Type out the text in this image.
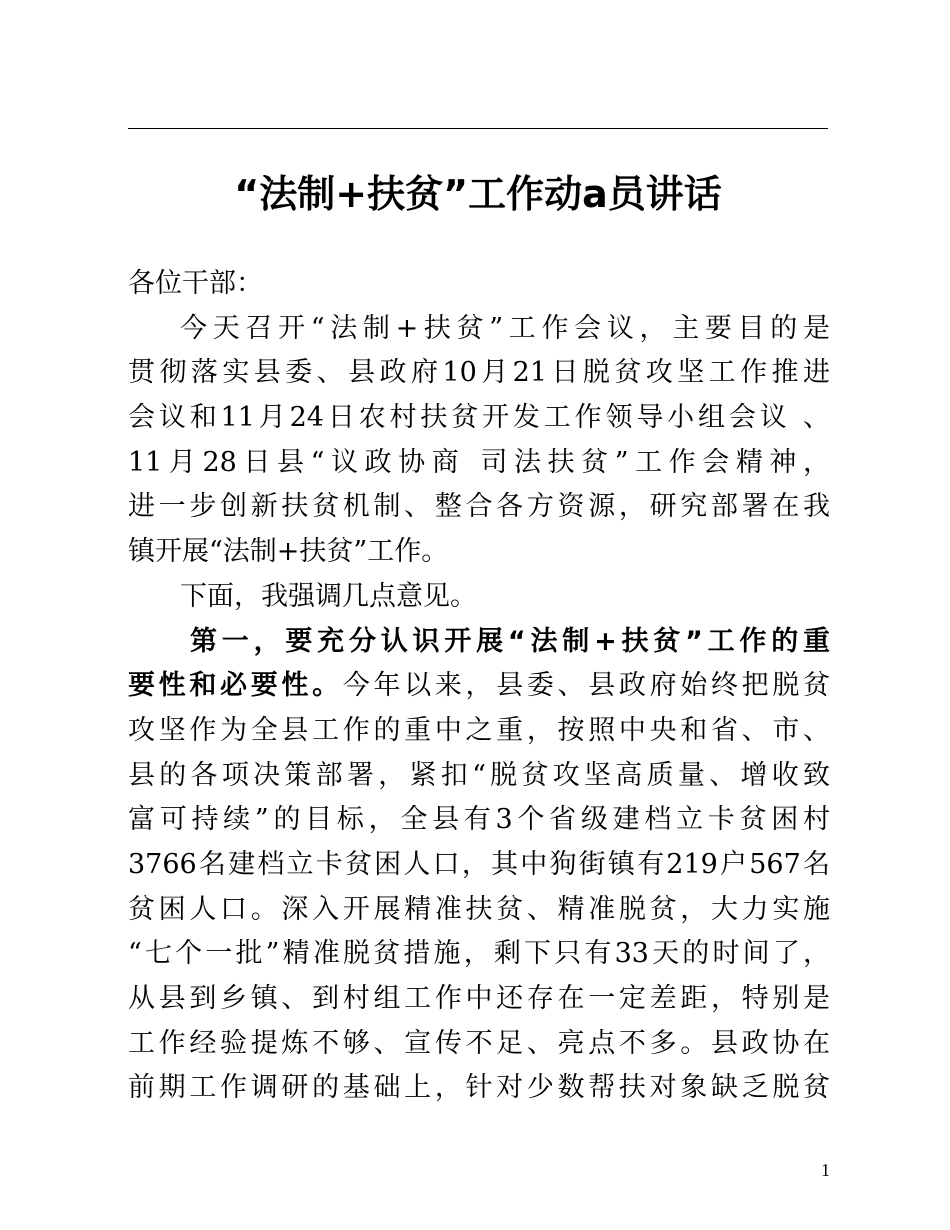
“法制+扶贫”工作动a员讲话
各位干部：
今天召开“法制+扶贫”工作会议，主要目的是
贯彻落实县委、县政府10月21日脱贫攻坚工作推进
会议和11月24日农村扶贫开发工作领导小组会议 、
11月28日县“议政协商 司法扶贫”工作会精神，
进一步创新扶贫机制、整合各方资源，研究部署在我
镇开展“法制+扶贫”工作。
下面，我强调几点意见。
第一，要充分认识开展“法制+扶贫”工作的重
要性和必要性。今年以来，县委、县政府始终把脱贫
攻坚作为全县工作的重中之重，按照中央和省、市、
县的各项决策部署，紧扣“脱贫攻坚高质量、增收致
富可持续”的目标，全县有3个省级建档立卡贫困村
3766名建档立卡贫困人口，其中狗街镇有219户567名
贫困人口。深入开展精准扶贫、精准脱贫，大力实施
“七个一批”精准脱贫措施，剩下只有33天的时间了，
从县到乡镇、到村组工作中还存在一定差距，特别是
工作经验提炼不够、宣传不足、亮点不多。县政协在
前期工作调研的基础上，针对少数帮扶对象缺乏脱贫
1
